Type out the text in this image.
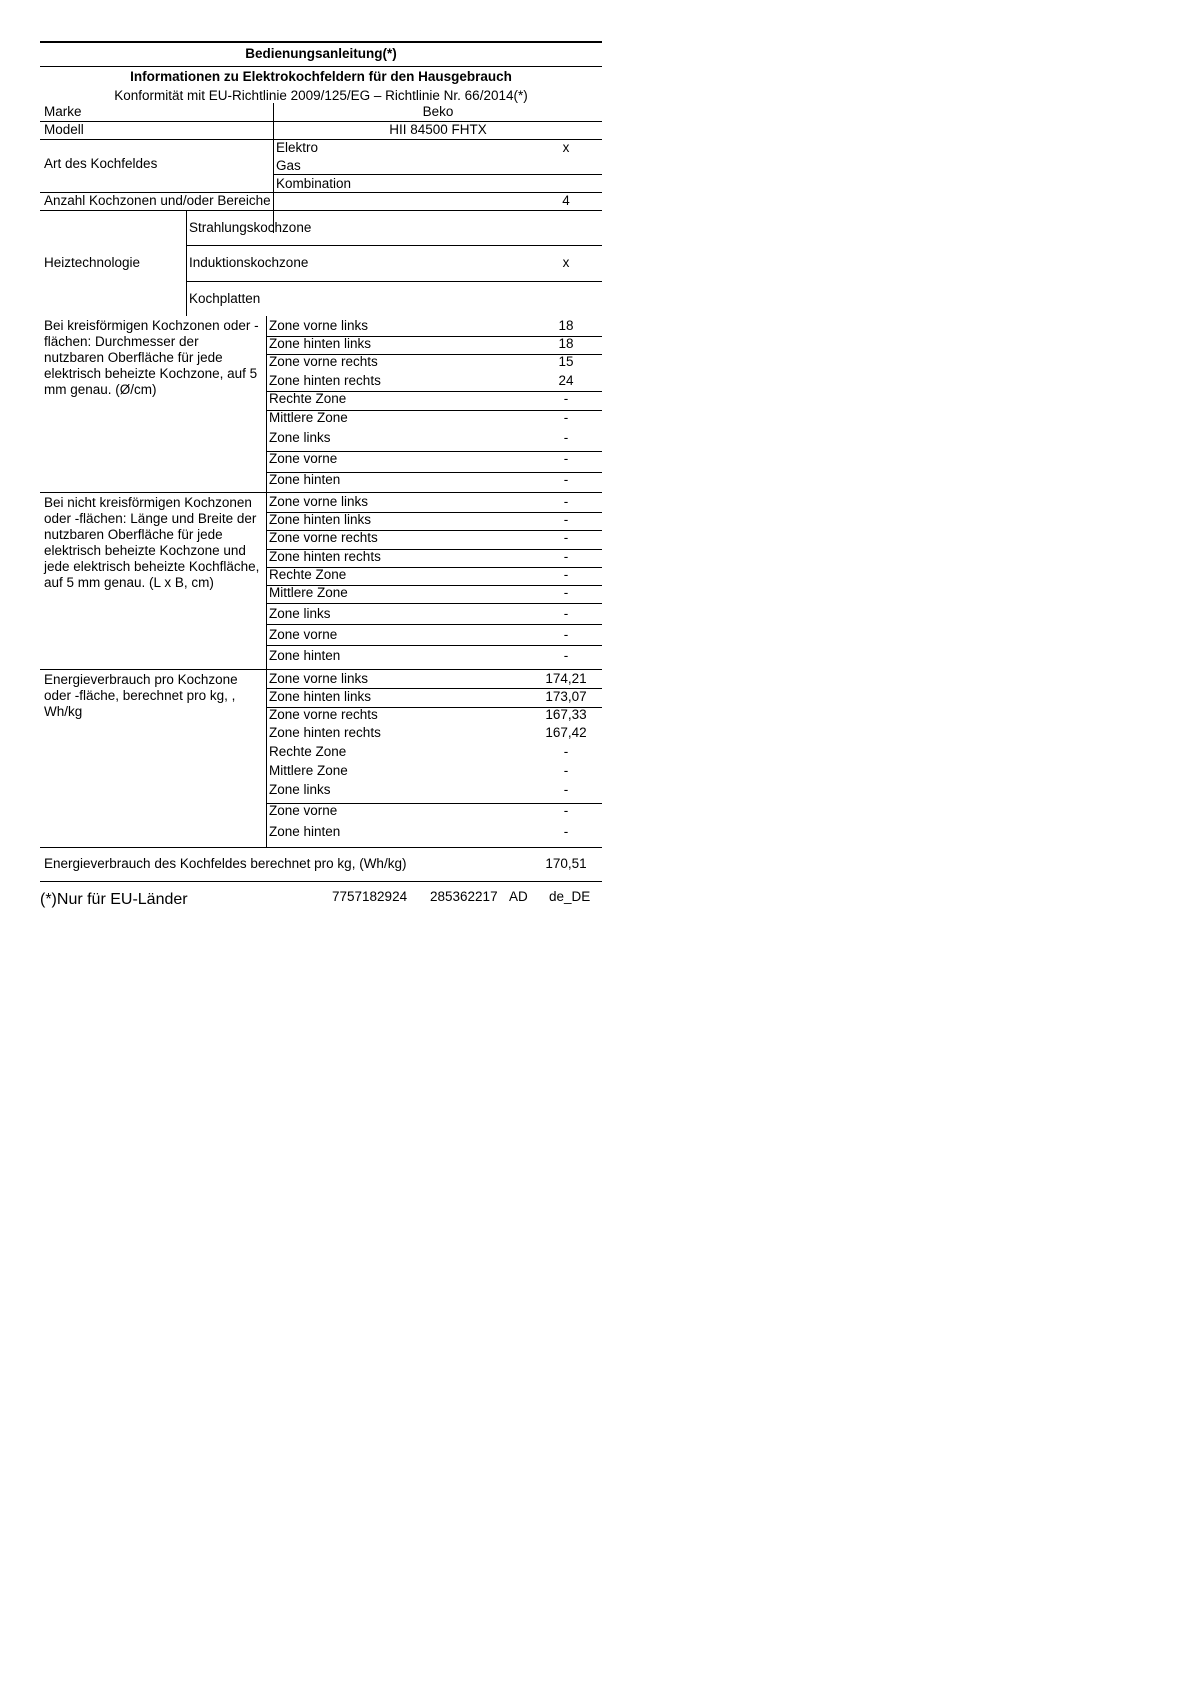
Bedienungsanleitung(*)
Informationen zu Elektrokochfeldern für den Hausgebrauch
Konformität mit EU-Richtlinie 2009/125/EG – Richtlinie Nr. 66/2014(*)
Marke	Beko
Modell	HII 84500 FHTX
Art des Kochfeldes
Elektro	x
Gas
Kombination
Anzahl Kochzonen und/oder Bereiche	4
Heiztechnologie
Strahlungskochzone
Induktionskochzone	x
Kochplatten
Bei kreisförmigen Kochzonen oder -flächen: Durchmesser der nutzbaren Oberfläche für jede elektrisch beheizte Kochzone, auf 5 mm genau. (Ø/cm)
Zone vorne links	18
Zone hinten links	18
Zone vorne rechts	15
Zone hinten rechts	24
Rechte Zone	-
Mittlere Zone	-
Zone links	-
Zone vorne	-
Zone hinten	-
Bei nicht kreisförmigen Kochzonen oder -flächen: Länge und Breite der nutzbaren Oberfläche für jede elektrisch beheizte Kochzone und jede elektrisch beheizte Kochfläche, auf 5 mm genau. (L x B, cm)
Zone vorne links	-
Zone hinten links	-
Zone vorne rechts	-
Zone hinten rechts	-
Rechte Zone	-
Mittlere Zone	-
Zone links	-
Zone vorne	-
Zone hinten	-
Energieverbrauch pro Kochzone oder -fläche, berechnet pro kg, , Wh/kg
Zone vorne links	174,21
Zone hinten links	173,07
Zone vorne rechts	167,33
Zone hinten rechts	167,42
Rechte Zone	-
Mittlere Zone	-
Zone links	-
Zone vorne	-
Zone hinten	-
Energieverbrauch des Kochfeldes berechnet pro kg, (Wh/kg)	170,51
(*)Nur für EU-Länder	7757182924 285362217 AD de_DE
